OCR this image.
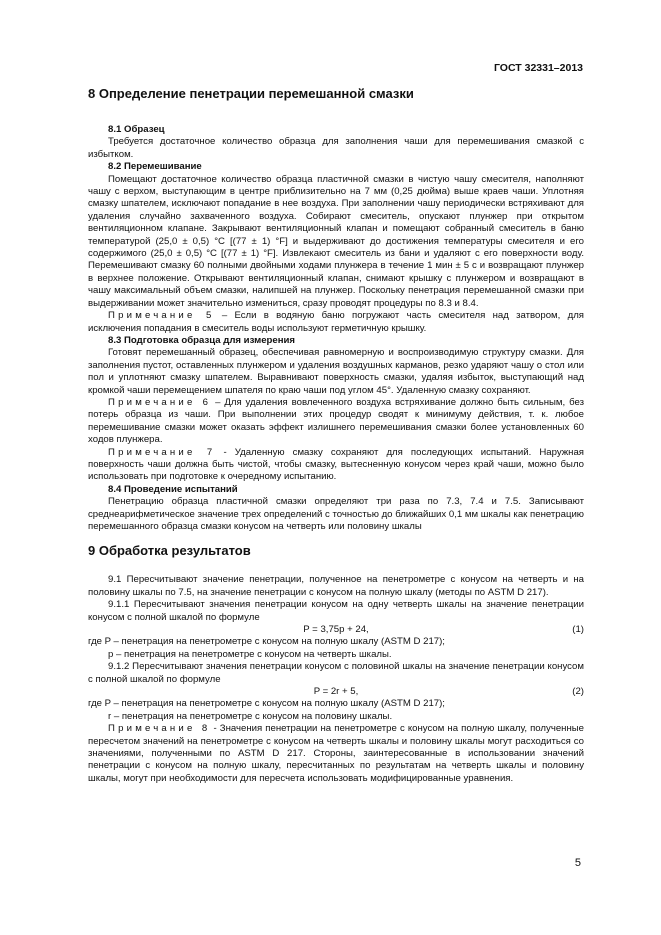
ГОСТ 32331–2013
8 Определение пенетрации перемешанной смазки

8.1 Образец

Требуется достаточное количество образца для заполнения чаши для перемешивания смазкой с избытком.

8.2 Перемешивание

Помещают достаточное количество образца пластичной смазки в чистую чашу смесителя, наполняют чашу с верхом, выступающим в центре приблизительно на 7 мм (0,25 дюйма) выше краев чаши. Уплотняя смазку шпателем, исключают попадание в нее воздуха. При заполнении чашу периодически встряхивают для удаления случайно захваченного воздуха. Собирают смеситель, опускают плунжер при открытом вентиляционном клапане. Закрывают вентиляционный клапан и помещают собранный смеситель в баню температурой (25,0 ± 0,5) °С [(77 ± 1) °F] и выдерживают до достижения температуры смесителя и его содержимого (25,0 ± 0,5) °С [(77 ± 1) °F]. Извлекают смеситель из бани и удаляют с его поверхности воду. Перемешивают смазку 60 полными двойными ходами плунжера в течение 1 мин ± 5 с и возвращают плунжер в верхнее положение. Открывают вентиляционный клапан, снимают крышку с плунжером и возвращают в чашу максимальный объем смазки, налипшей на плунжер. Поскольку пенетрация перемешанной смазки при выдерживании может значительно измениться, сразу проводят процедуры по 8.3 и 8.4.

Примечание 5 – Если в водяную баню погружают часть смесителя над затвором, для исключения попадания в смеситель воды используют герметичную крышку.

8.3 Подготовка образца для измерения

Готовят перемешанный образец, обеспечивая равномерную и воспроизводимую структуру смазки. Для заполнения пустот, оставленных плунжером и удаления воздушных карманов, резко ударяют чашу о стол или пол и уплотняют смазку шпателем. Выравнивают поверхность смазки, удаляя избыток, выступающий над кромкой чаши перемещением шпателя по краю чаши под углом 45°. Удаленную смазку сохраняют.

Примечание 6 – Для удаления вовлеченного воздуха встряхивание должно быть сильным, без потерь образца из чаши. При выполнении этих процедур сводят к минимуму действия, т. к. любое перемешивание смазки может оказать эффект излишнего перемешивания смазки более установленных 60 ходов плунжера.

Примечание 7 - Удаленную смазку сохраняют для последующих испытаний. Наружная поверхность чаши должна быть чистой, чтобы смазку, вытесненную конусом через край чаши, можно было использовать при подготовке к очередному испытанию.

8.4 Проведение испытаний

Пенетрацию образца пластичной смазки определяют три раза по 7.3, 7.4 и 7.5. Записывают среднеарифметическое значение трех определений с точностью до ближайших 0,1 мм шкалы как пенетрацию перемешанного образца смазки конусом на четверть или половину шкалы

9 Обработка результатов

9.1 Пересчитывают значение пенетрации, полученное на пенетрометре с конусом на четверть и на половину шкалы по 7.5, на значение пенетрации с конусом на полную шкалу (методы по ASTM D 217).

9.1.1 Пересчитывают значения пенетрации конусом на одну четверть шкалы на значение пенетрации конусом с полной шкалой по формуле

P = 3,75p + 24,	(1)

где P – пенетрация на пенетрометре с конусом на полную шкалу (ASTM D 217);

p – пенетрация на пенетрометре с конусом на четверть шкалы.

9.1.2 Пересчитывают значения пенетрации конусом с половиной шкалы на значение пенетрации конусом с полной шкалой по формуле

P = 2r + 5,	(2)

где P – пенетрация на пенетрометре с конусом на полную шкалу (ASTM D 217);

r – пенетрация на пенетрометре с конусом на половину шкалы.

Примечание 8 - Значения пенетрации на пенетрометре с конусом на полную шкалу, полученные пересчетом значений на пенетрометре с конусом на четверть шкалы и половину шкалы могут расходиться со значениями, полученными по ASTM D 217. Стороны, заинтересованные в использовании значений пенетрации с конусом на полную шкалу, пересчитанных по результатам на четверть шкалы и половину шкалы, могут при необходимости для пересчета использовать модифицированные уравнения.

5
